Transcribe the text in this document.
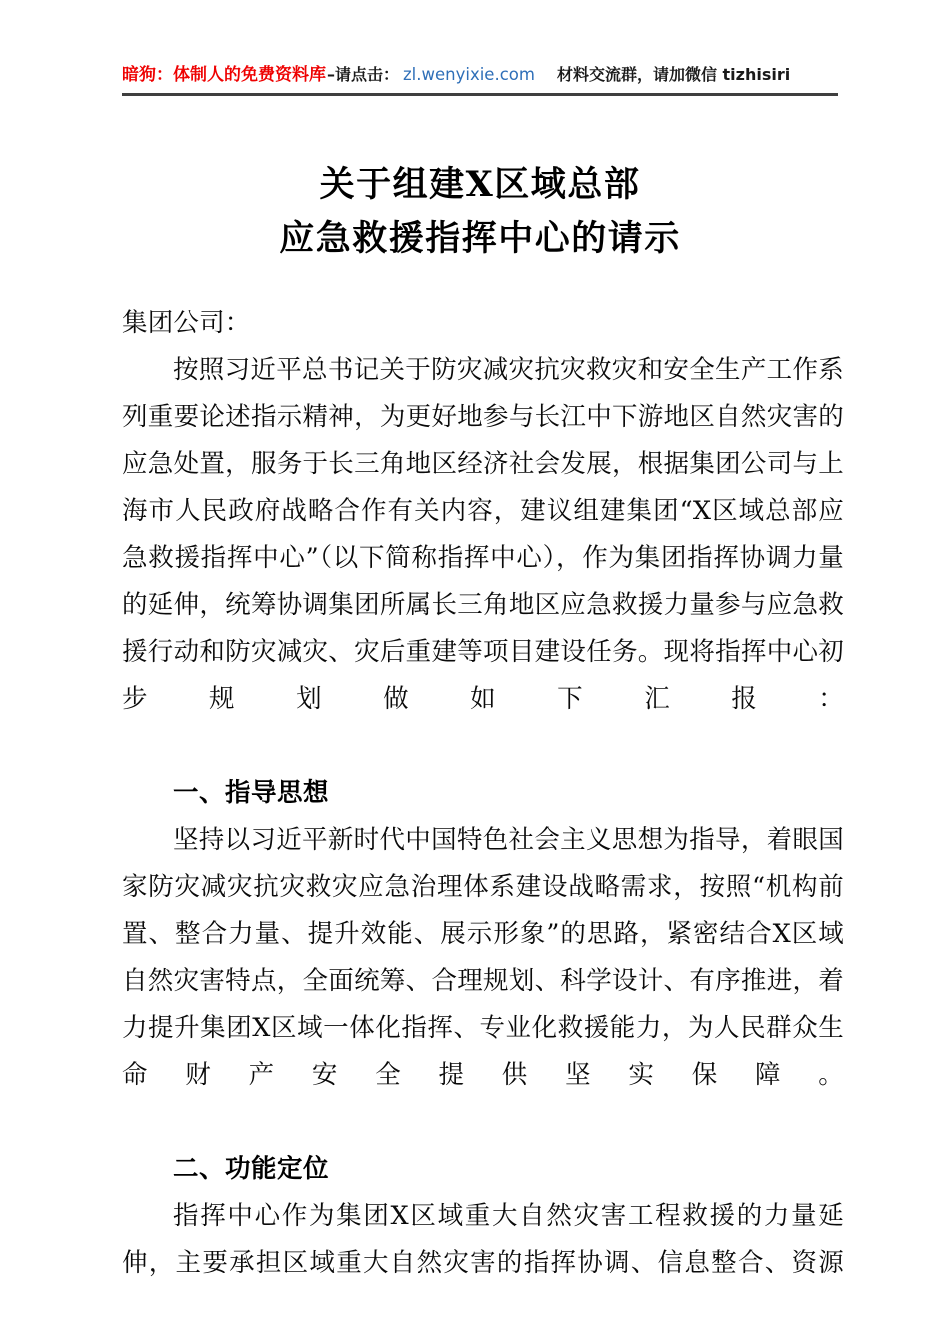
暗狗：体制人的免费资料库 –请点击： zl.wenyixie.com 材料交流群，请加微信 tizhisiri
关于组建X区域总部
应急救援指挥中心的请示

集团公司：

按照习近平总书记关于防灾减灾抗灾救灾和安全生产工作系列重要论述指示精神，为更好地参与长江中下游地区自然灾害的应急处置，服务于长三角地区经济社会发展，根据集团公司与上海市人民政府战略合作有关内容，建议组建集团“X区域总部应急救援指挥中心”（以下简称指挥中心），作为集团指挥协调力量的延伸，统筹协调集团所属长三角地区应急救援力量参与应急救援行动和防灾减灾、灾后重建等项目建设任务。现将指挥中心初步规划做如下汇报：

一、指导思想

坚持以习近平新时代中国特色社会主义思想为指导，着眼国家防灾减灾抗灾救灾应急治理体系建设战略需求，按照“机构前置、整合力量、提升效能、展示形象”的思路，紧密结合X区域自然灾害特点，全面统筹、合理规划、科学设计、有序推进，着力提升集团X区域一体化指挥、专业化救援能力，为人民群众生命财产安全提供坚实保障。

二、功能定位

指挥中心作为集团X区域重大自然灾害工程救援的力量延伸，主要承担区域重大自然灾害的指挥协调、信息整合、资源
